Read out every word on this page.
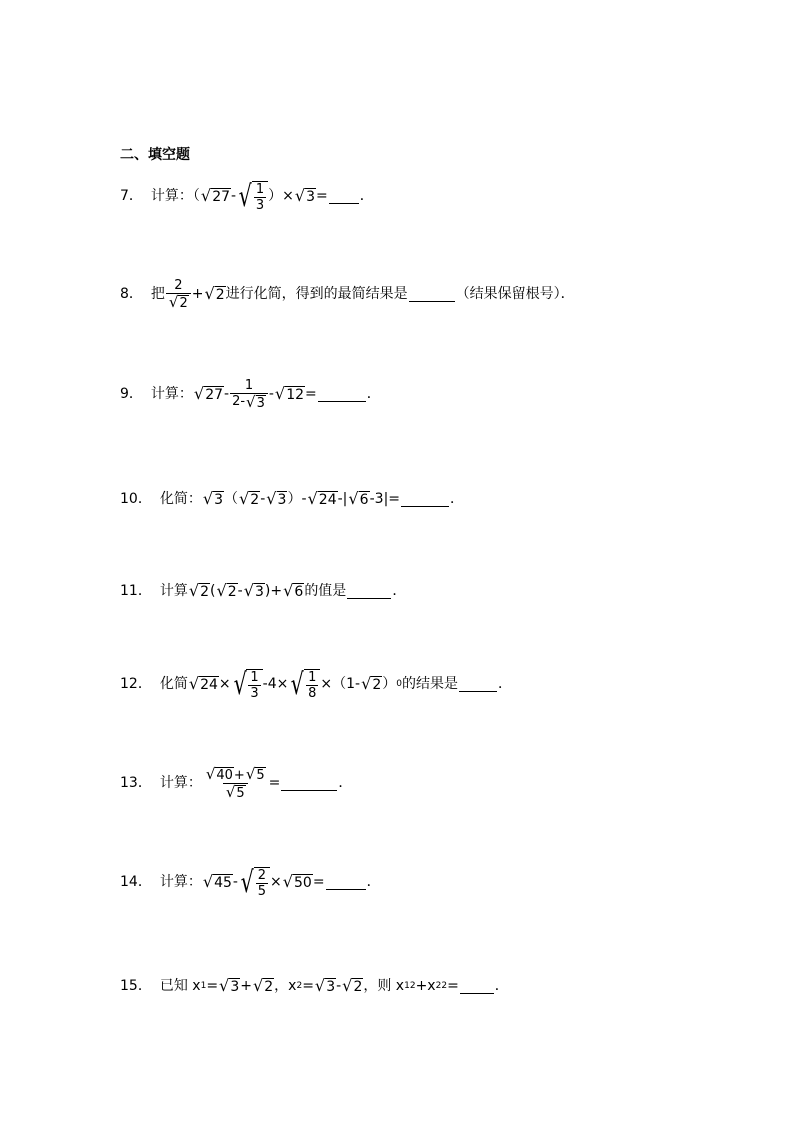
二、填空题
7． 计算：（ √ 27 - √ $\frac{1}{3}$ ）× √ 3 = ．
8． 把 $\frac{2}{√ 2}$ + √ 2 进行化简，得到的最简结果是	（结果保留根号）．
9． 计算： √ $27 - \frac{1}{2- √ 3}$ - √ 12 =	．
10． 化简： √ 3 （ √ 2 - √ 3 ） - √ 24 - | √ 6 - 3 | =	．
11． 计算 √ 2 ( √ 2 - √ 3 )+ √ 6 的值是	．
12． 化简 √ 24 × √ $\frac{1}{3} -4\times$ √ $\frac{1}{8} \times(1-$ √ 2 ） 0 的结果是	．
13． 计算： $\frac{√ 40 + √ 5}{√ 5}$ =	．
14． 计算： √ 45 - √ $\frac{2}{5}$ × √ 50 =	．
15． 已知 x 1 = √ 3 + √ 2 ，x 2 = √ 3 - √ 2 ，则 x 1 2 +x 2 2 =	．
